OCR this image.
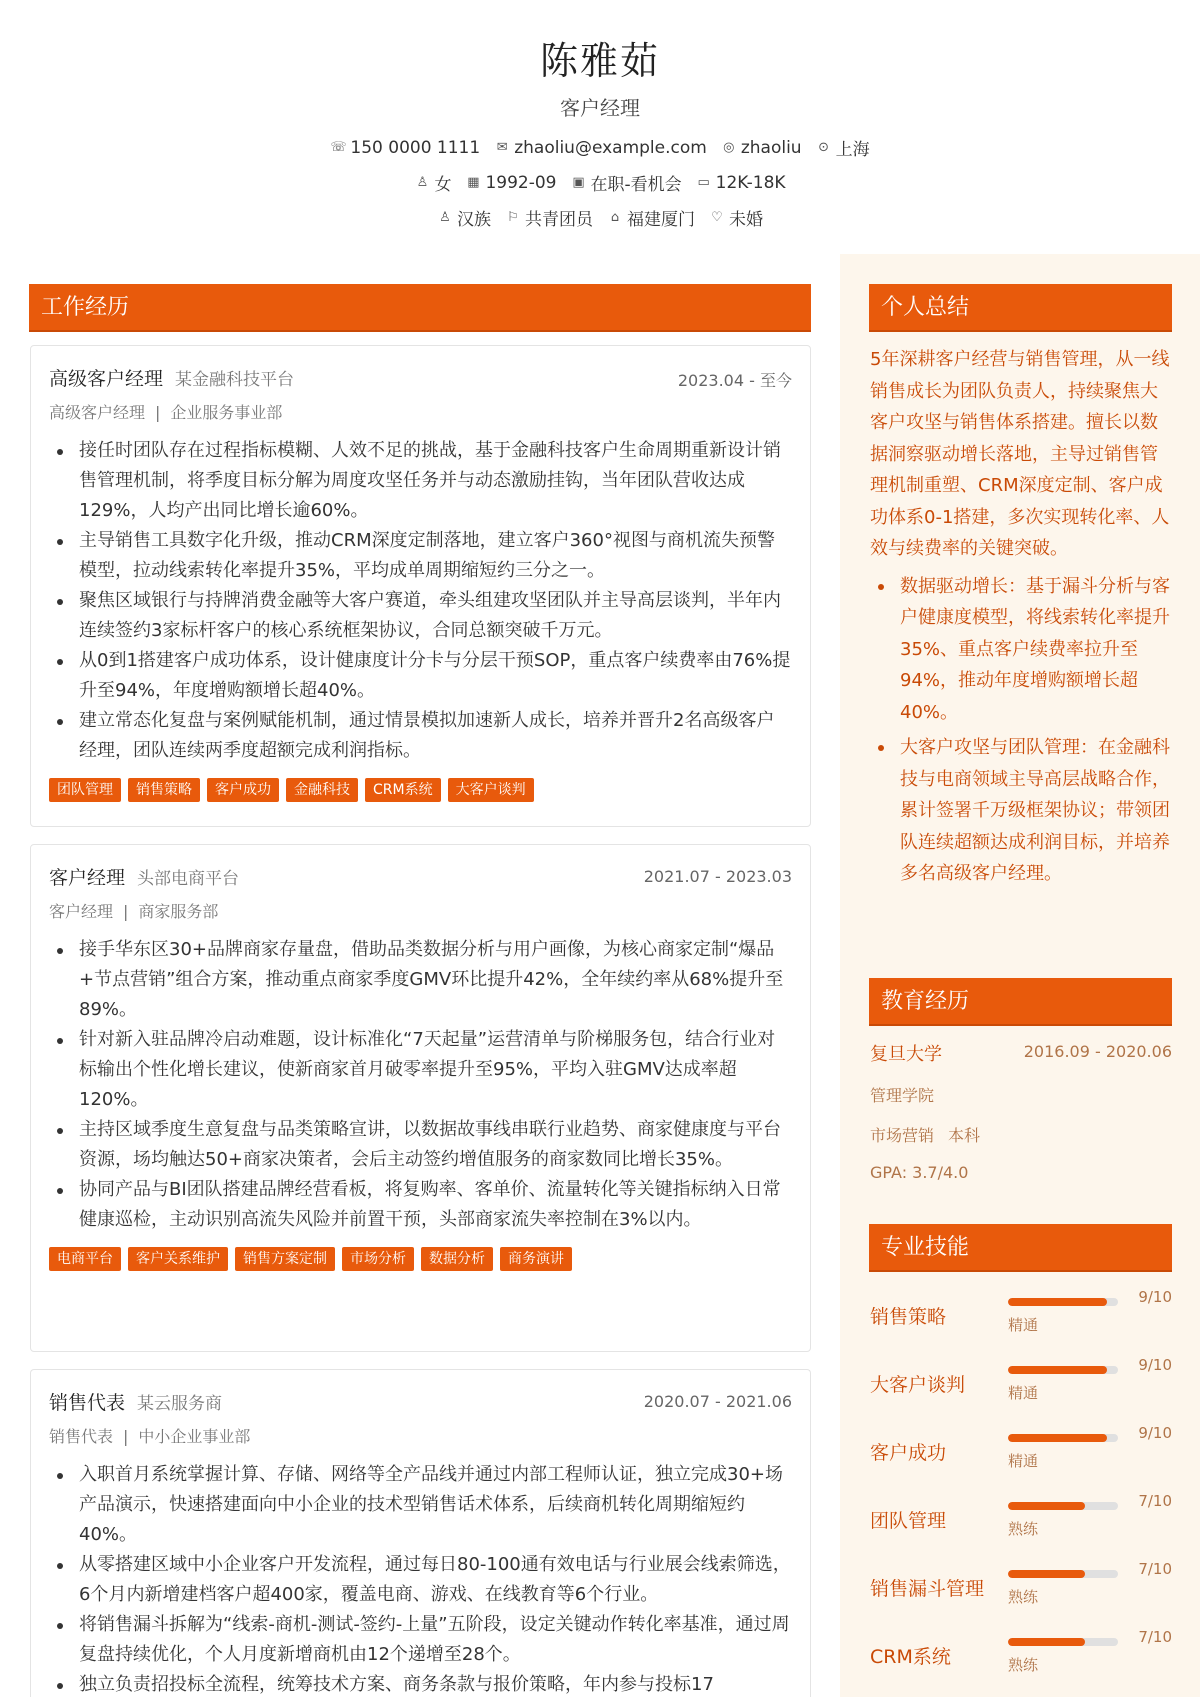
陈雅茹
客户经理
☏ 150 0000 1111 ✉ zhaoliu@example.com ◎ zhaoliu ⊙ 上海
♙ 女 ▦ 1992-09 ▣ 在职-看机会 ▭ 12K-18K
♙ 汉族 ⚐ 共青团员 ⌂ 福建厦门 ♡ 未婚
工作经历
高级客户经理 某金融科技平台	2023.04 - 至今
高级客户经理 | 企业服务事业部
接任时团队存在过程指标模糊、人效不足的挑战，基于金融科技客户生命周期重新设计销售管理机制，将季度目标分解为周度攻坚任务并与动态激励挂钩，当年团队营收达成129%，人均产出同比增长逾60%。
主导销售工具数字化升级，推动CRM深度定制落地，建立客户360°视图与商机流失预警模型，拉动线索转化率提升35%，平均成单周期缩短约三分之一。
聚焦区域银行与持牌消费金融等大客户赛道，牵头组建攻坚团队并主导高层谈判，半年内连续签约3家标杆客户的核心系统框架协议，合同总额突破千万元。
从0到1搭建客户成功体系，设计健康度计分卡与分层干预SOP，重点客户续费率由76%提升至94%，年度增购额增长超40%。
建立常态化复盘与案例赋能机制，通过情景模拟加速新人成长，培养并晋升2名高级客户经理，团队连续两季度超额完成利润指标。
团队管理	销售策略	客户成功	金融科技	CRM系统	大客户谈判
客户经理 头部电商平台	2021.07 - 2023.03
客户经理 | 商家服务部
接手华东区30+品牌商家存量盘，借助品类数据分析与用户画像，为核心商家定制“爆品+节点营销”组合方案，推动重点商家季度GMV环比提升42%，全年续约率从68%提升至89%。
针对新入驻品牌冷启动难题，设计标准化“7天起量”运营清单与阶梯服务包，结合行业对标输出个性化增长建议，使新商家首月破零率提升至95%，平均入驻GMV达成率超120%。
主持区域季度生意复盘与品类策略宣讲，以数据故事线串联行业趋势、商家健康度与平台资源，场均触达50+商家决策者，会后主动签约增值服务的商家数同比增长35%。
协同产品与BI团队搭建品牌经营看板，将复购率、客单价、流量转化等关键指标纳入日常健康巡检，主动识别高流失风险并前置干预，头部商家流失率控制在3%以内。
电商平台	客户关系维护	销售方案定制	市场分析	数据分析	商务演讲
销售代表 某云服务商	2020.07 - 2021.06
销售代表 | 中小企业事业部
入职首月系统掌握计算、存储、网络等全产品线并通过内部工程师认证，独立完成30+场产品演示，快速搭建面向中小企业的技术型销售话术体系，后续商机转化周期缩短约40%。
从零搭建区域中小企业客户开发流程，通过每日80-100通有效电话与行业展会线索筛选，6个月内新增建档客户超400家，覆盖电商、游戏、在线教育等6个行业。
将销售漏斗拆解为“线索-商机-测试-签约-上量”五阶段，设定关键动作转化率基准，通过周复盘持续优化，个人月度新增商机由12个递增至28个。
独立负责招投标全流程，统筹技术方案、商务条款与报价策略，年内参与投标17
个人总结
5年深耕客户经营与销售管理，从一线销售成长为团队负责人，持续聚焦大客户攻坚与销售体系搭建。擅长以数据洞察驱动增长落地，主导过销售管理机制重塑、CRM深度定制、客户成功体系0-1搭建，多次实现转化率、人效与续费率的关键突破。
数据驱动增长：基于漏斗分析与客户健康度模型，将线索转化率提升35%、重点客户续费率拉升至94%，推动年度增购额增长超40%。
大客户攻坚与团队管理：在金融科技与电商领域主导高层战略合作，累计签署千万级框架协议；带领团队连续超额达成利润目标，并培养多名高级客户经理。
教育经历
复旦大学	2016.09 - 2020.06
管理学院
市场营销 本科
GPA: 3.7/4.0
专业技能
销售策略
9/10
精通
大客户谈判
9/10
精通
客户成功
9/10
精通
团队管理
7/10
熟练
销售漏斗管理
7/10
熟练
CRM系统
7/10
熟练
